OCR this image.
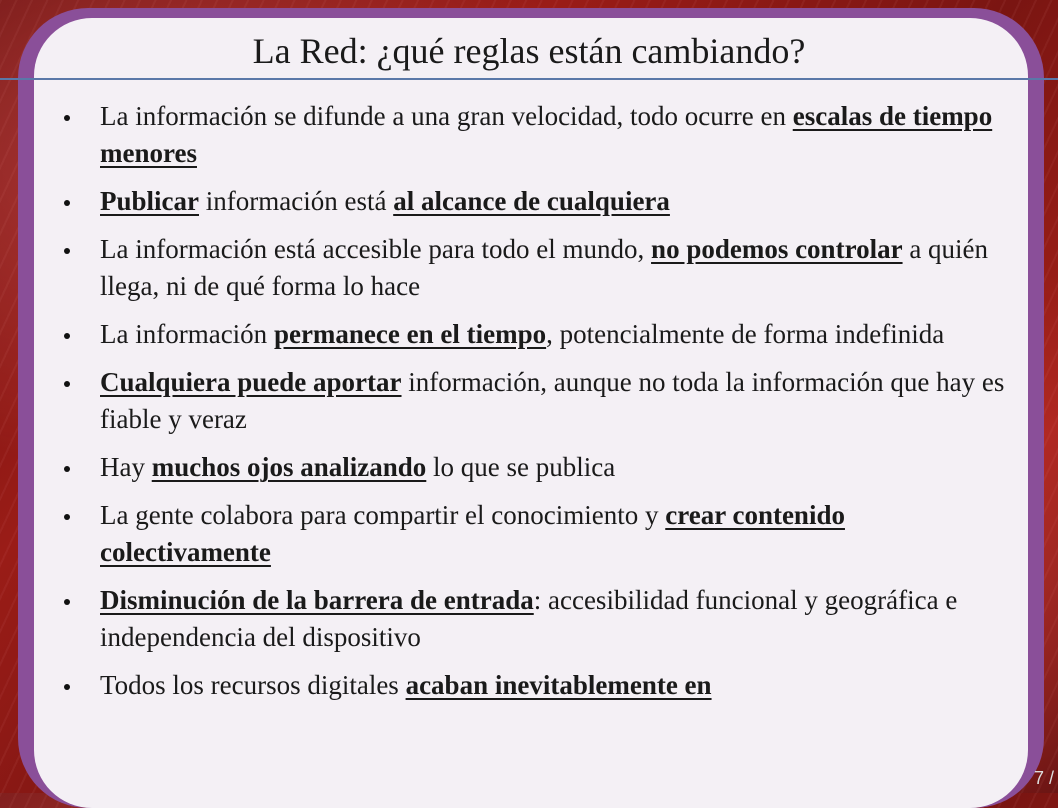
La Red: ¿qué reglas están cambiando?
La información se difunde a una gran velocidad, todo ocurre en escalas de tiempo menores
Publicar información está al alcance de cualquiera
La información está accesible para todo el mundo, no podemos controlar a quién llega, ni de qué forma lo hace
La información permanece en el tiempo, potencialmente de forma indefinida
Cualquiera puede aportar información, aunque no toda la información que hay es fiable y veraz
Hay muchos ojos analizando lo que se publica
La gente colabora para compartir el conocimiento y crear contenido colectivamente
Disminución de la barrera de entrada: accesibilidad funcional y geográfica e independencia del dispositivo
Todos los recursos digitales acaban inevitablemente en
7 /
